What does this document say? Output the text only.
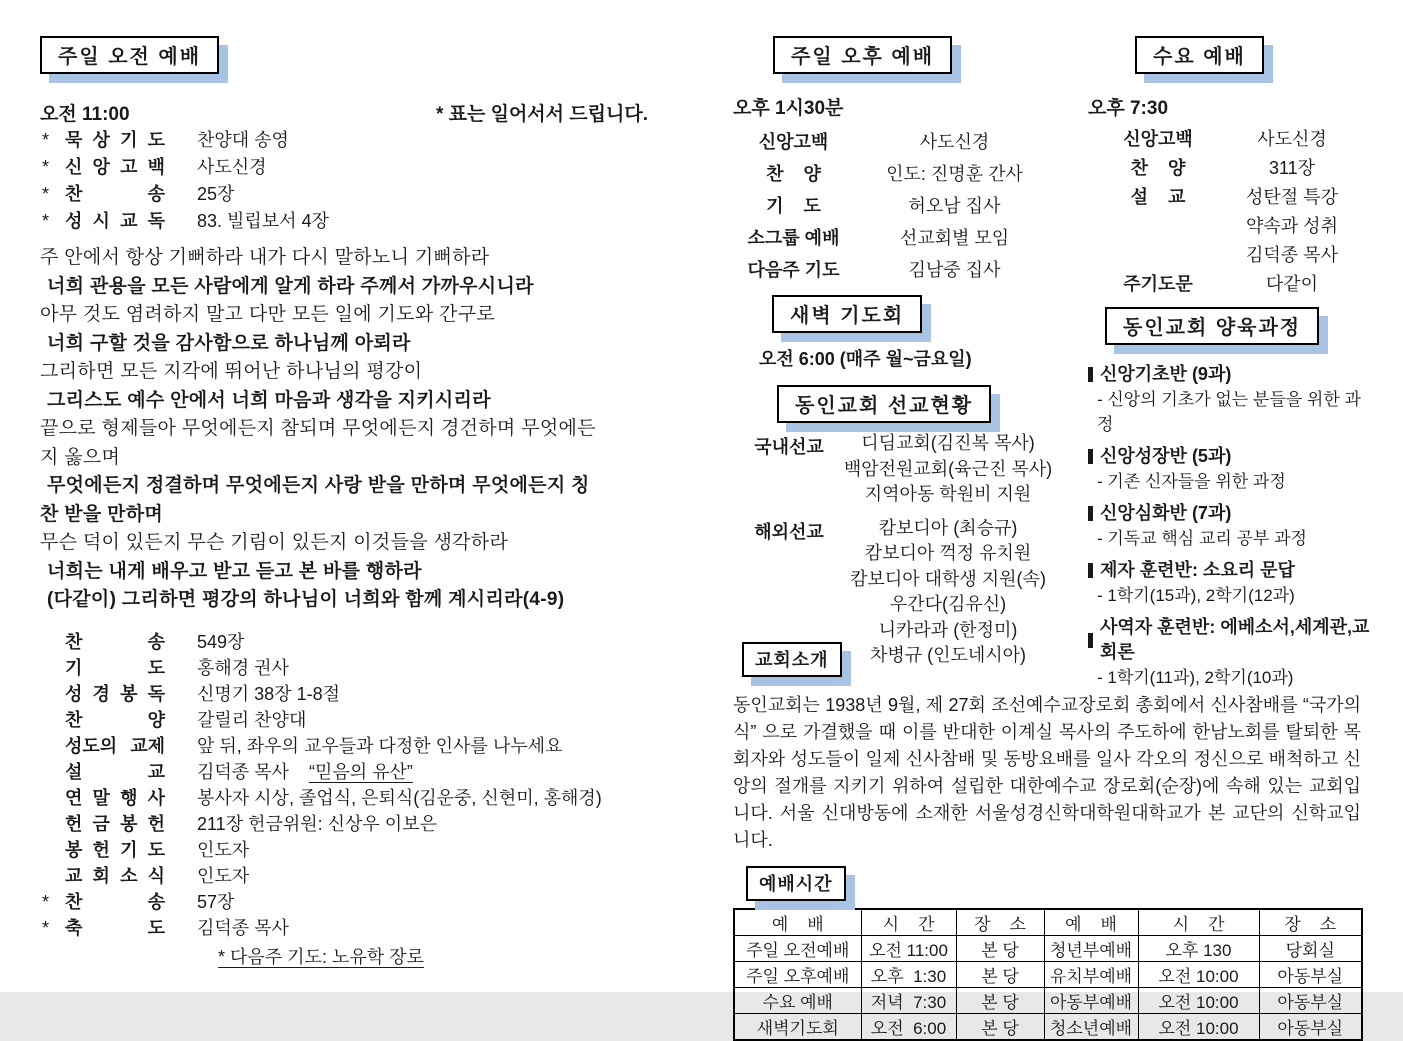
주일 오전 예배
오전 11:00	* 표는 일어서서 드립니다.
* 묵 상 기 도 찬양대 송영
* 신 앙 고 백 사도신경
* 찬 송 25장
* 성 시 교 독 83. 빌립보서 4장
주 안에서 항상 기뻐하라 내가 다시 말하노니 기뻐하라
너희 관용을 모든 사람에게 알게 하라 주께서 가까우시니라
아무 것도 염려하지 말고 다만 모든 일에 기도와 간구로
너희 구할 것을 감사함으로 하나님께 아뢰라
그리하면 모든 지각에 뛰어난 하나님의 평강이
그리스도 예수 안에서 너희 마음과 생각을 지키시리라
끝으로 형제들아 무엇에든지 참되며 무엇에든지 경건하며 무엇에든
지 옳으며
무엇에든지 정결하며 무엇에든지 사랑 받을 만하며 무엇에든지 칭
찬 받을 만하며
무슨 덕이 있든지 무슨 기림이 있든지 이것들을 생각하라
너희는 내게 배우고 받고 듣고 본 바를 행하라
(다같이) 그리하면 평강의 하나님이 너희와 함께 계시리라(4-9)
찬 송 549장
기 도 홍해경 권사
성 경 봉 독 신명기 38장 1-8절
찬 양 갈릴리 찬양대
성도의 교제 앞 뒤, 좌우의 교우들과 다정한 인사를 나누세요
설 교 김덕종 목사 “믿음의 유산”
연 말 행 사 봉사자 시상, 졸업식, 은퇴식(김운중, 신현미, 홍해경)
헌 금 봉 헌 211장 헌금위원: 신상우 이보은
봉 헌 기 도 인도자
교 회 소 식 인도자
* 찬 송 57장
* 축 도 김덕종 목사
* 다음주 기도: 노유학 장로
주일 오후 예배
오후 1시30분
신앙고백	사도신경
찬    양	인도: 진명훈 간사
기    도	허오남 집사
소그룹 예배	선교회별 모임
다음주 기도	김남중 집사
새벽 기도회
오전 6:00 (매주 월~금요일)
동인교회 선교현황
국내선교	디딤교회(김진복 목사)
백암전원교회(육근진 목사)
지역아동 학원비 지원
해외선교	캄보디아 (최승규)
캄보디아 꺽정 유치원
캄보디아 대학생 지원(속)
우간다(김유신)
니카라과 (한정미)
차병규 (인도네시아)
수요 예배
오후 7:30
신앙고백	사도신경
찬    양	311장
설    교	성탄절 특강
약속과 성취
김덕종 목사
주기도문	다같이
동인교회 양육과정
신앙기초반 (9과)
- 신앙의 기초가 없는 분들을 위한 과정
신앙성장반 (5과)
- 기존 신자들을 위한 과정
신앙심화반 (7과)
- 기독교 핵심 교리 공부 과정
제자 훈련반: 소요리 문답
- 1학기(15과), 2학기(12과)
사역자 훈련반: 에베소서,세계관,교회론
- 1학기(11과), 2학기(10과)
교회소개
동인교회는 1938년 9월, 제 27회 조선예수교장로회 총회에서 신사참배를 “국가의식” 으로 가결했을 때 이를 반대한 이계실 목사의 주도하에 한남노회를 탈퇴한 목회자와 성도들이 일제 신사참배 및 동방요배를 일사 각오의 정신으로 배척하고 신앙의 절개를 지키기 위하여 설립한 대한예수교 장로회(순장)에 속해 있는 교회입니다. 서울 신대방동에 소재한 서울성경신학대학원대학교가 본 교단의 신학교입니다.
예배시간
예    배	시    간	장    소	예    배	시    간	장    소
주일 오전예배	오전 11:00	본 당	청년부예배	오후 130	당회실
주일 오후예배	오후  1:30	본 당	유치부예배	오전 10:00	아동부실
수요 예배	저녁  7:30	본 당	아동부예배	오전 10:00	아동부실
새벽기도회	오전  6:00	본 당	청소년예배	오전 10:00	아동부실
